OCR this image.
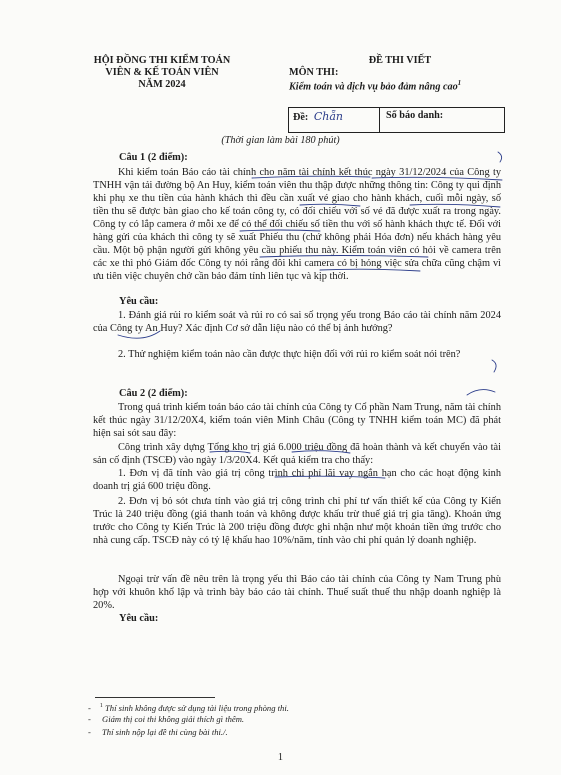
HỘI ĐỒNG THI KIỂM TOÁN
VIÊN & KẾ TOÁN VIÊN
NĂM 2024
ĐỀ THI VIẾT
MÔN THI:
Kiểm toán và dịch vụ bảo đảm nâng cao$^1$
Đề: Chẵn	Số báo danh:
(Thời gian làm bài 180 phút)
Câu 1 (2 điểm):
Khi kiểm toán Báo cáo tài chính cho năm tài chính kết thúc ngày 31/12/2024 của Công ty TNHH vận tải đường bộ An Huy, kiểm toán viên thu thập được những thông tin: Công ty qui định khi phụ xe thu tiền của hành khách thì đều cần xuất vé giao cho hành khách, cuối mỗi ngày, số tiền thu sẽ được bàn giao cho kế toán công ty, có đối chiếu với số vé đã được xuất ra trong ngày. Công ty có lắp camera ở mỗi xe để có thể đối chiếu số tiền thu với số hành khách thực tế. Đối với hàng gửi của khách thì công ty sẽ xuất Phiếu thu (chứ không phải Hóa đơn) nếu khách hàng yêu cầu. Một bộ phận người gửi không yêu cầu phiếu thu này. Kiểm toán viên có hỏi về camera trên các xe thì phó Giám đốc Công ty nói rằng đôi khi camera có bị hỏng việc sửa chữa cũng chậm vì ưu tiên việc chuyên chở cần bảo đảm tính liên tục và kịp thời.
Yêu cầu:
1. Đánh giá rủi ro kiểm soát và rủi ro có sai số trọng yếu trong Báo cáo tài chính năm 2024 của Công ty An Huy? Xác định Cơ sở dẫn liệu nào có thể bị ảnh hưởng?
2. Thử nghiệm kiểm toán nào cần được thực hiện đối với rủi ro kiểm soát nói trên?
Câu 2 (2 điểm):
Trong quá trình kiểm toán báo cáo tài chính của Công ty Cổ phần Nam Trung, năm tài chính kết thúc ngày 31/12/20X4, kiểm toán viên Minh Châu (Công ty TNHH kiểm toán MC) đã phát hiện sai sót sau đây:
Công trình xây dựng Tổng kho trị giá 6.000 triệu đồng đã hoàn thành và kết chuyển vào tài sản cố định (TSCĐ) vào ngày 1/3/20X4. Kết quả kiểm tra cho thấy:
1. Đơn vị đã tính vào giá trị công trình chi phí lãi vay ngắn hạn cho các hoạt động kinh doanh trị giá 600 triệu đồng.
2. Đơn vị bỏ sót chưa tính vào giá trị công trình chi phí tư vấn thiết kế của Công ty Kiến Trúc là 240 triệu đồng (giá thanh toán và không được khấu trừ thuế giá trị gia tăng). Khoản ứng trước cho Công ty Kiến Trúc là 200 triệu đồng được ghi nhận như một khoản tiền ứng trước cho nhà cung cấp. TSCĐ này có tỷ lệ khấu hao 10%/năm, tính vào chi phí quản lý doanh nghiệp.
Ngoại trừ vấn đề nêu trên là trọng yếu thì Báo cáo tài chính của Công ty Nam Trung phù hợp với khuôn khổ lập và trình bày báo cáo tài chính. Thuế suất thuế thu nhập doanh nghiệp là 20%.
Yêu cầu:
- $^1$ Thí sinh không được sử dụng tài liệu trong phòng thi.
- Giám thị coi thi không giải thích gì thêm.
- Thí sinh nộp lại đề thi cùng bài thi./.
1
